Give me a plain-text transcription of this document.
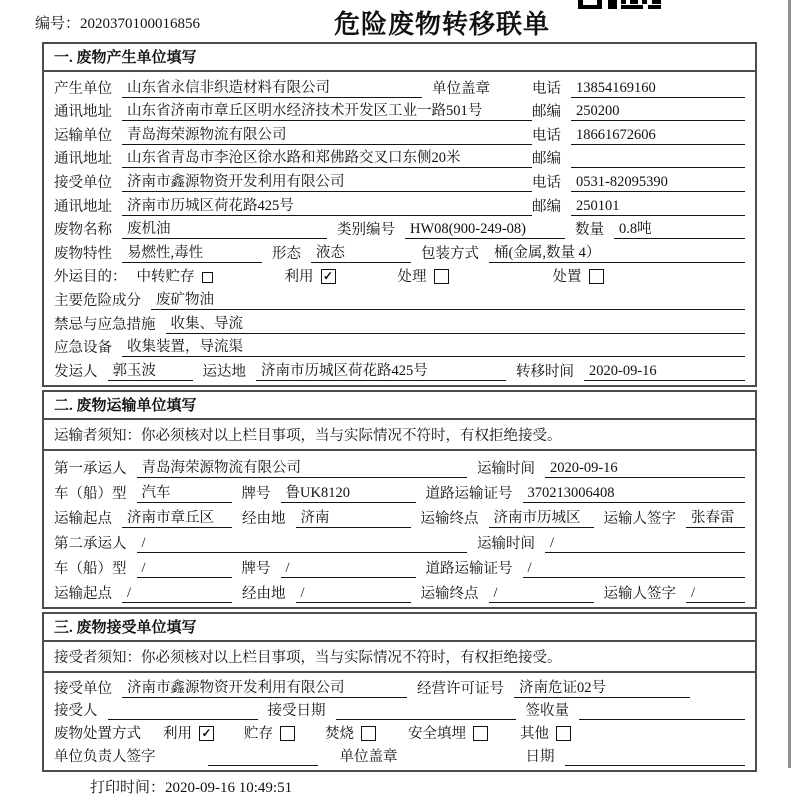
编号：2020370100016856	危险废物转移联单
一. 废物产生单位填写
产生单位	山东省永信非织造材料有限公司	单位盖章	电话	13854169160
通讯地址	山东省济南市章丘区明水经济技术开发区工业一路501号	邮编	250200
运输单位	青岛海荣源物流有限公司	电话	18661672606
通讯地址	山东省青岛市李沧区徐水路和郑佛路交叉口东侧20米	邮编
接受单位	济南市鑫源物资开发利用有限公司	电话	0531-82095390
通讯地址	济南市历城区荷花路425号	邮编	250101
废物名称	废机油	类别编号	HW08(900-249-08)	数量	0.8吨
废物特性	易燃性,毒性	形态	液态	包装方式	桶(金属,数量 4）
外运目的： 中转贮存	利用 ✓	处理	处置
主要危险成分	废矿物油
禁忌与应急措施	收集、导流
应急设备	收集装置，导流渠
发运人	郭玉波	运达地	济南市历城区荷花路425号	转移时间	2020-09-16
二. 废物运输单位填写
运输者须知：你必须核对以上栏目事项，当与实际情况不符时，有权拒绝接受。
第一承运人	青岛海荣源物流有限公司	运输时间	2020-09-16
车（船）型	汽车	牌号	鲁UK8120	道路运输证号	370213006408
运输起点	济南市章丘区	经由地	济南	运输终点	济南市历城区	运输人签字	张春雷
第二承运人	/	运输时间	/
车（船）型	/	牌号	/	道路运输证号	/
运输起点	/	经由地	/	运输终点	/	运输人签字	/
三. 废物接受单位填写
接受者须知：你必须核对以上栏目事项，当与实际情况不符时，有权拒绝接受。
接受单位	济南市鑫源物资开发利用有限公司	经营许可证号	济南危证02号
接受人	接受日期	签收量
废物处置方式 利用 ✓ 贮存	焚烧	安全填埋	其他
单位负责人签字	单位盖章	日期
打印时间：2020-09-16 10:49:51
